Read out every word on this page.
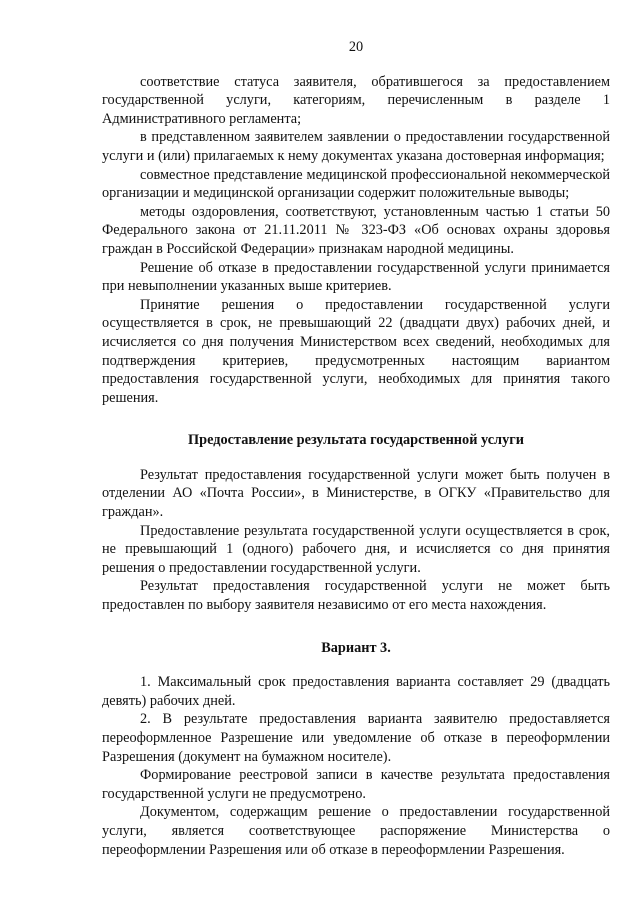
20

соответствие статуса заявителя, обратившегося за предоставлением государственной услуги, категориям, перечисленным в разделе 1 Административного регламента;

в представленном заявителем заявлении о предоставлении государственной услуги и (или) прилагаемых к нему документах указана достоверная информация;

совместное представление медицинской профессиональной некоммерческой организации и медицинской организации содержит положительные выводы;

методы оздоровления, соответствуют, установленным частью 1 статьи 50 Федерального закона от 21.11.2011 № 323-ФЗ «Об основах охраны здоровья граждан в Российской Федерации» признакам народной медицины.

Решение об отказе в предоставлении государственной услуги принимается при невыполнении указанных выше критериев.

Принятие решения о предоставлении государственной услуги осуществляется в срок, не превышающий 22 (двадцати двух) рабочих дней, и исчисляется со дня получения Министерством всех сведений, необходимых для подтверждения критериев, предусмотренных настоящим вариантом предоставления государственной услуги, необходимых для принятия такого решения.

Предоставление результата государственной услуги

Результат предоставления государственной услуги может быть получен в отделении АО «Почта России», в Министерстве, в ОГКУ «Правительство для граждан».

Предоставление результата государственной услуги осуществляется в срок, не превышающий 1 (одного) рабочего дня, и исчисляется со дня принятия решения о предоставлении государственной услуги.

Результат предоставления государственной услуги не может быть предоставлен по выбору заявителя независимо от его места нахождения.

Вариант 3.

1. Максимальный срок предоставления варианта составляет 29 (двадцать девять) рабочих дней.

2. В результате предоставления варианта заявителю предоставляется переоформленное Разрешение или уведомление об отказе в переоформлении Разрешения (документ на бумажном носителе).

Формирование реестровой записи в качестве результата предоставления государственной услуги не предусмотрено.

Документом, содержащим решение о предоставлении государственной услуги, является соответствующее распоряжение Министерства о переоформлении Разрешения или об отказе в переоформлении Разрешения.
